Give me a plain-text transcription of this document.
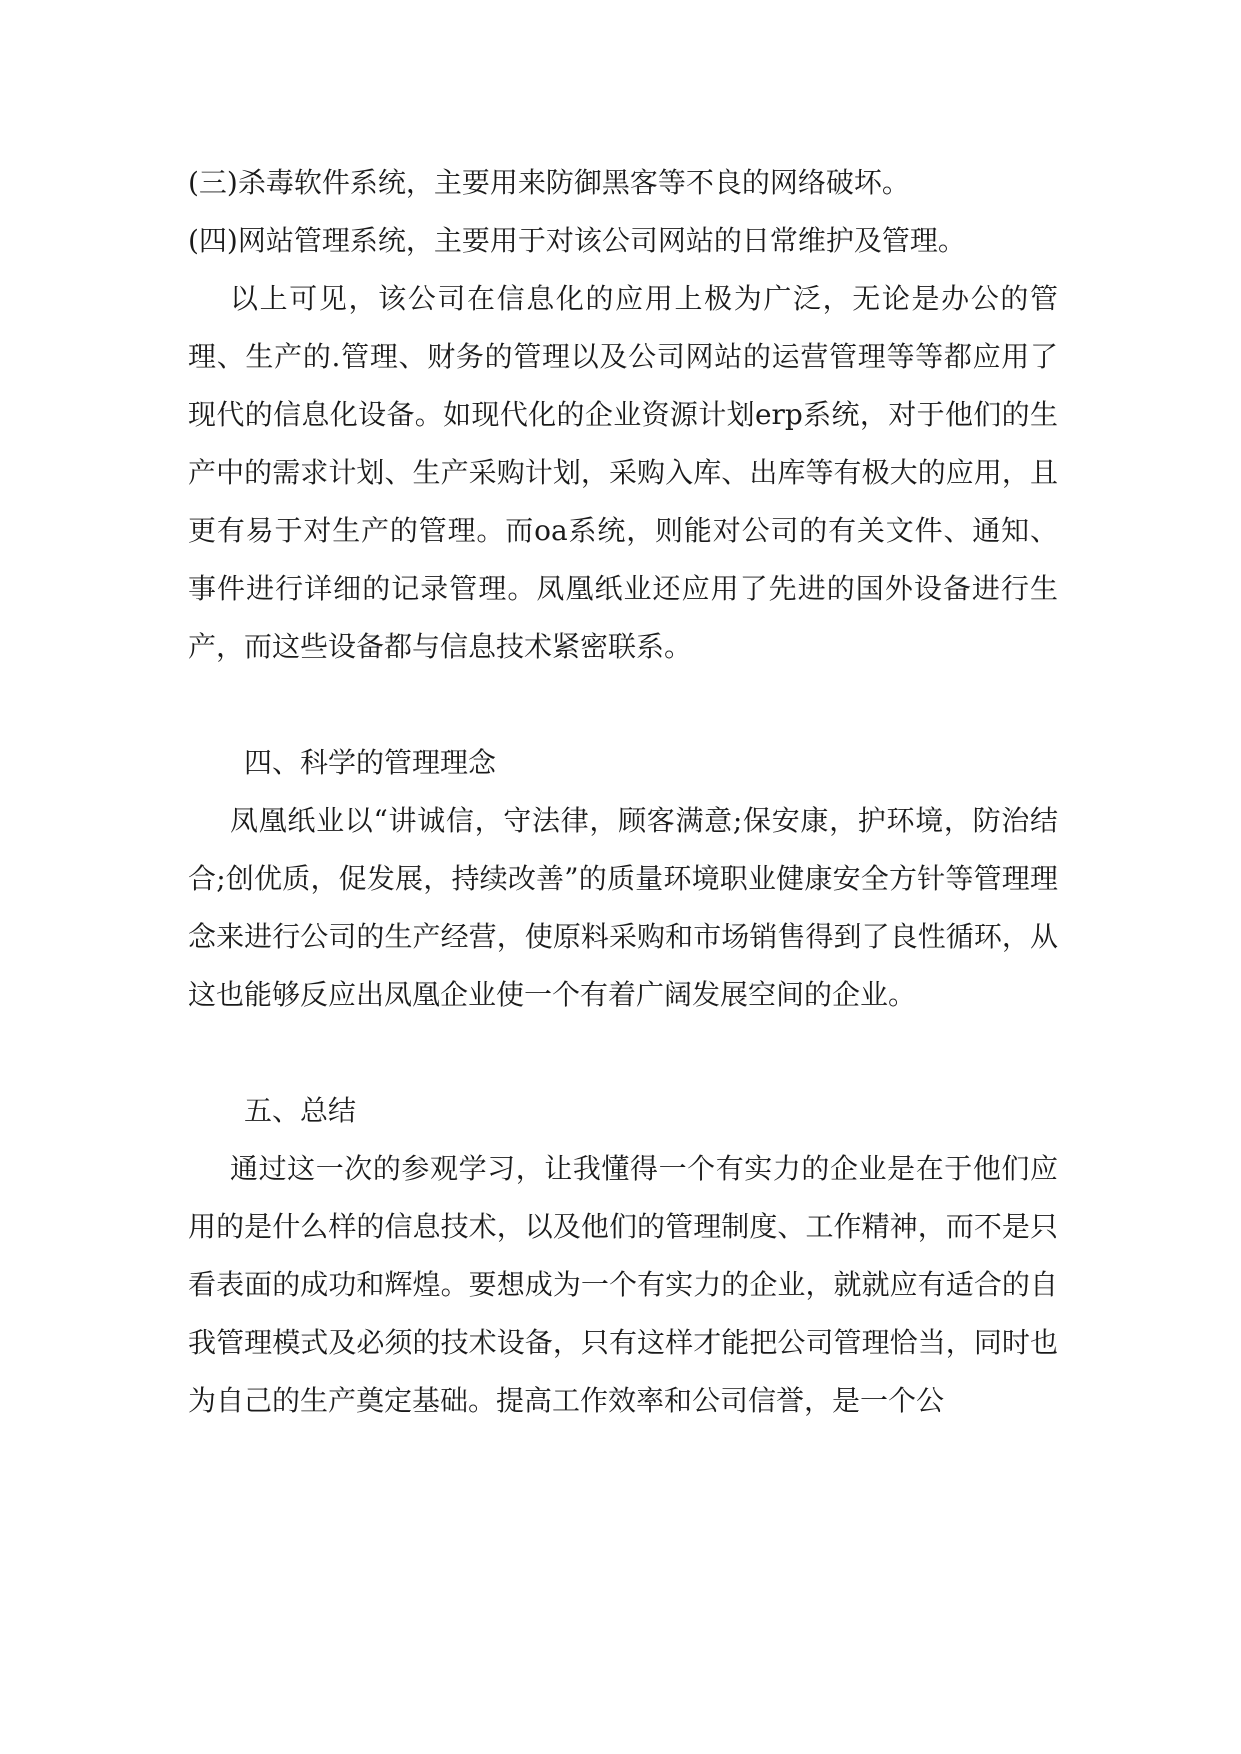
(三)杀毒软件系统，主要用来防御黑客等不良的网络破坏。

(四)网站管理系统，主要用于对该公司网站的日常维护及管理。

以上可见，该公司在信息化的应用上极为广泛，无论是办公的管理、生产的.管理、财务的管理以及公司网站的运营管理等等都应用了现代的信息化设备。如现代化的企业资源计划erp系统，对于他们的生产中的需求计划、生产采购计划，采购入库、出库等有极大的应用，且更有易于对生产的管理。而oa系统，则能对公司的有关文件、通知、事件进行详细的记录管理。凤凰纸业还应用了先进的国外设备进行生产，而这些设备都与信息技术紧密联系。

四、科学的管理理念

凤凰纸业以“讲诚信，守法律，顾客满意;保安康，护环境，防治结合;创优质，促发展，持续改善”的质量环境职业健康安全方针等管理理念来进行公司的生产经营，使原料采购和市场销售得到了良性循环，从这也能够反应出凤凰企业使一个有着广阔发展空间的企业。

五、总结

通过这一次的参观学习，让我懂得一个有实力的企业是在于他们应用的是什么样的信息技术，以及他们的管理制度、工作精神，而不是只看表面的成功和辉煌。要想成为一个有实力的企业，就就应有适合的自我管理模式及必须的技术设备，只有这样才能把公司管理恰当，同时也为自己的生产奠定基础。提高工作效率和公司信誉，是一个公
